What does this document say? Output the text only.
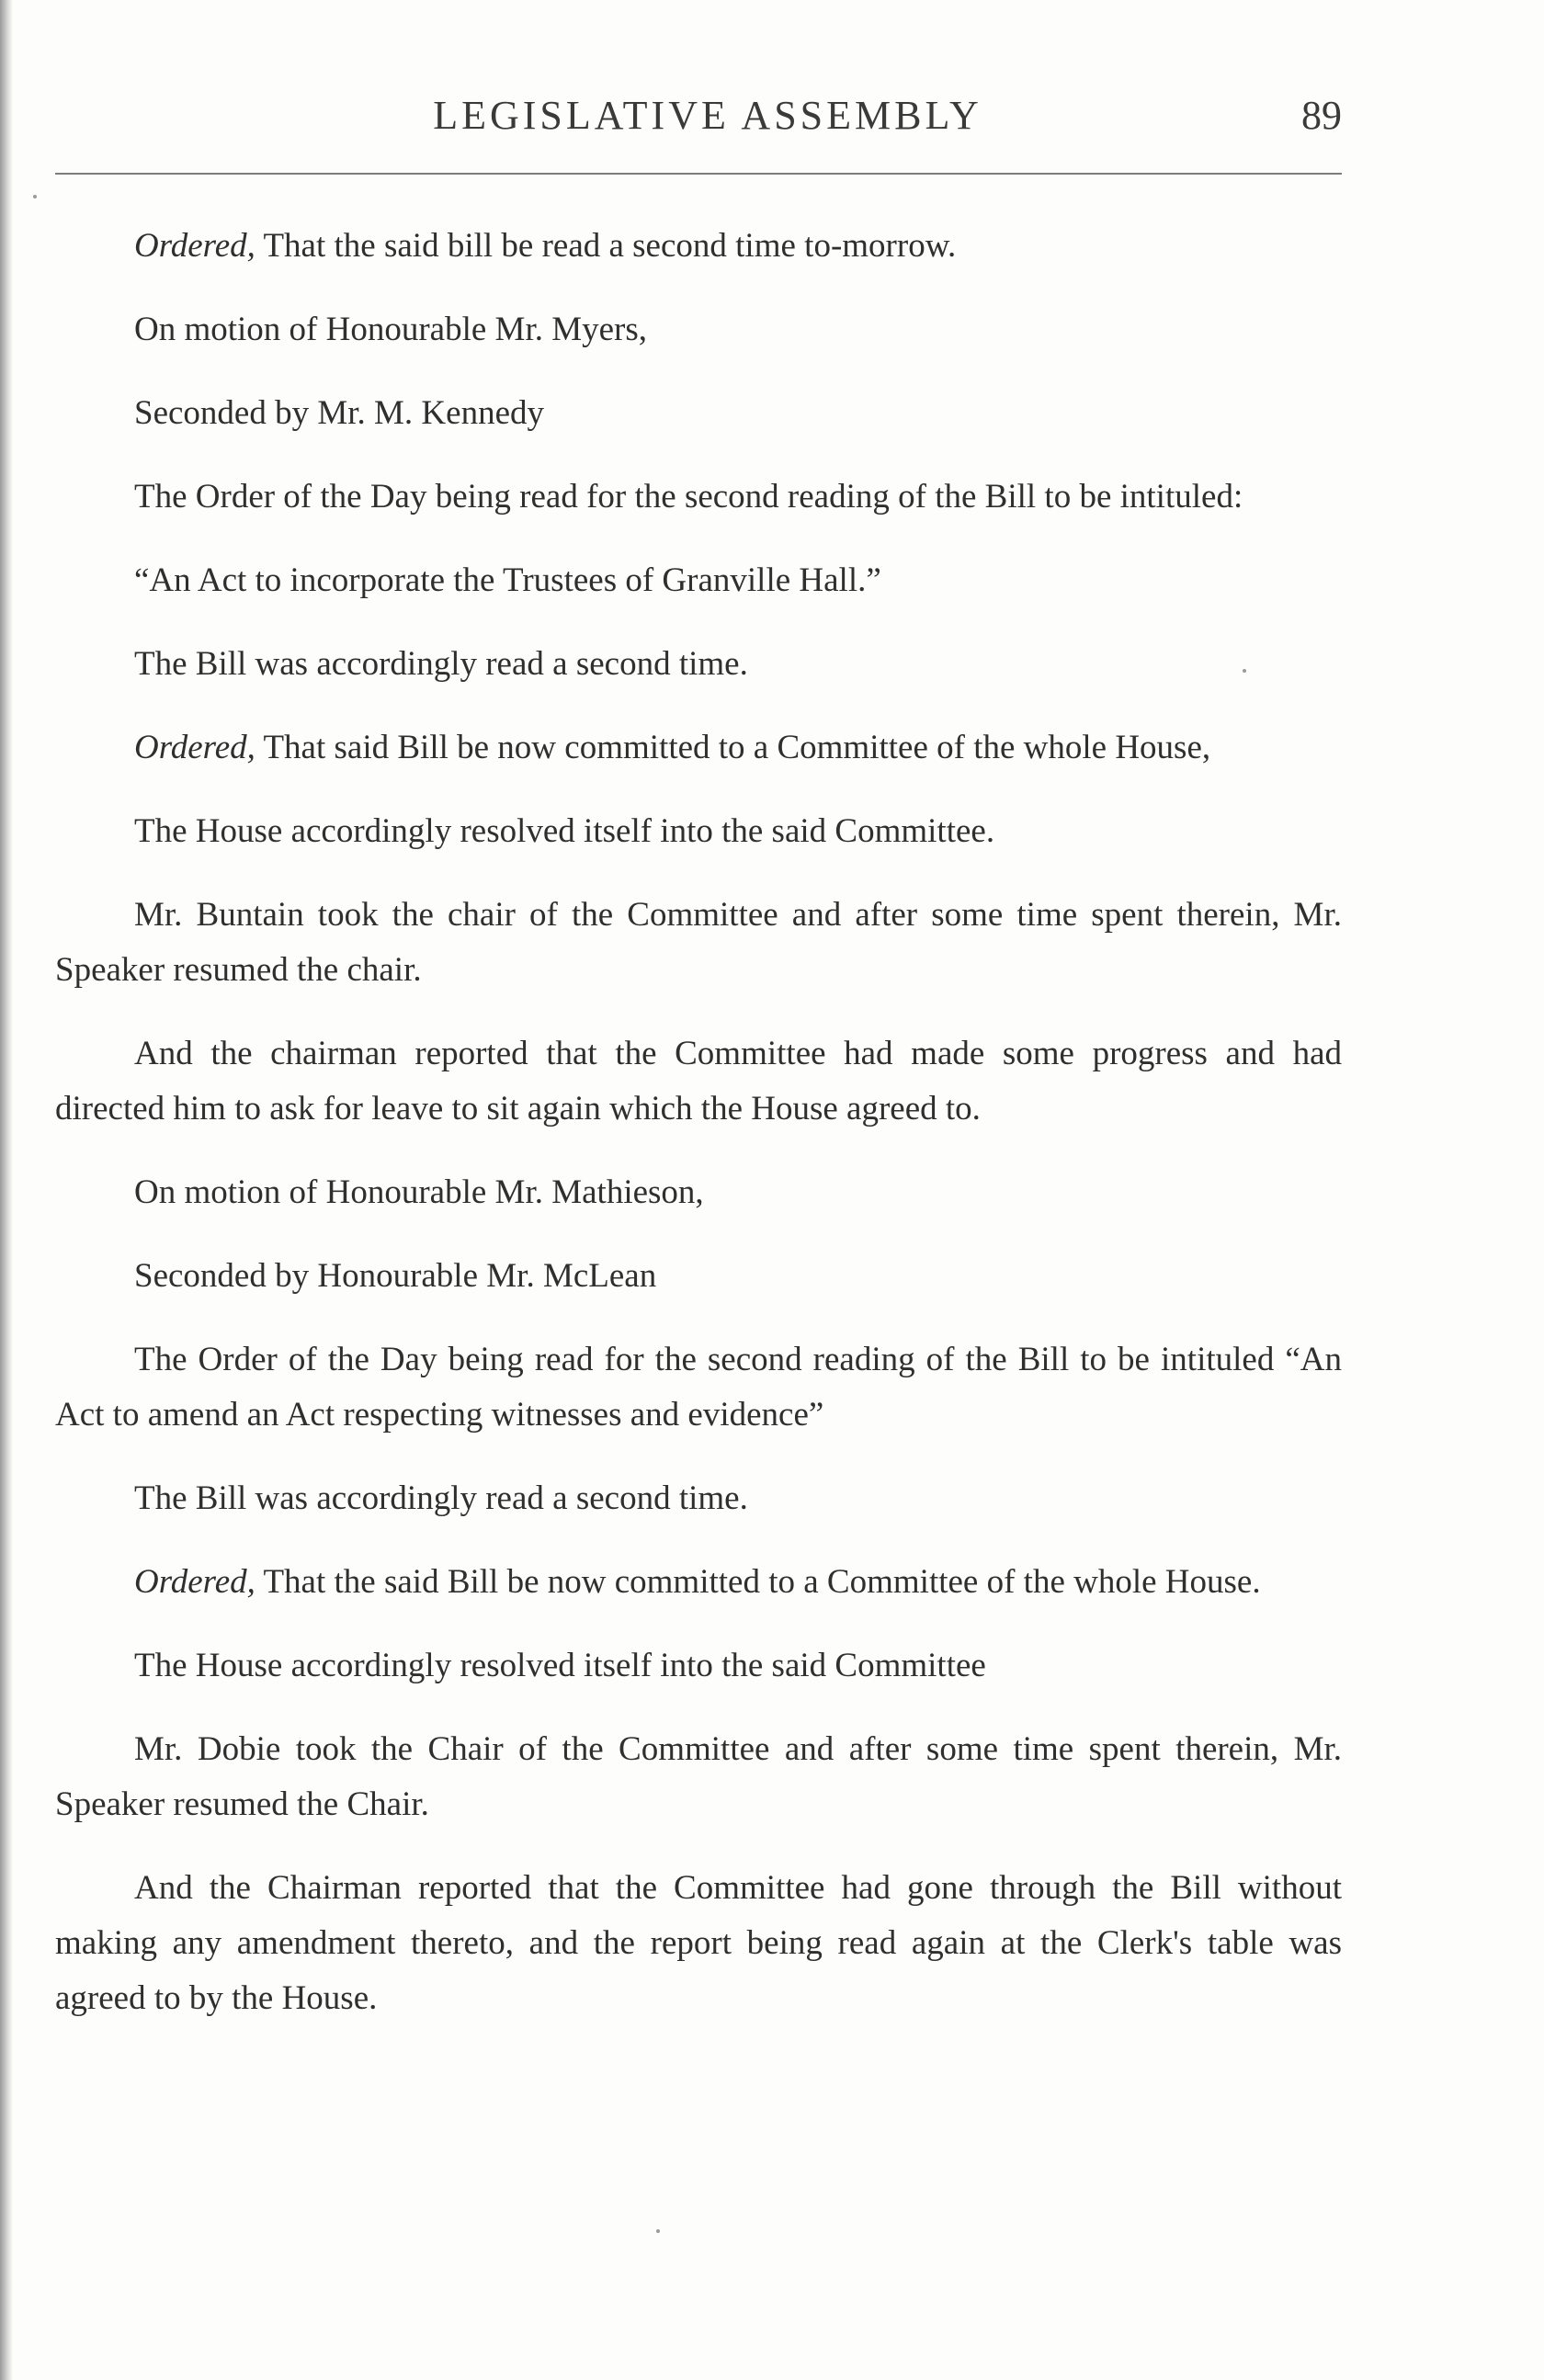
LEGISLATIVE ASSEMBLY	89

Ordered, That the said bill be read a second time to-morrow.

On motion of Honourable Mr. Myers,

Seconded by Mr. M. Kennedy

The Order of the Day being read for the second reading of the Bill to be intituled:

“An Act to incorporate the Trustees of Granville Hall.”

The Bill was accordingly read a second time.

Ordered, That said Bill be now committed to a Committee of the whole House,

The House accordingly resolved itself into the said Committee.

Mr. Buntain took the chair of the Committee and after some time spent therein, Mr. Speaker resumed the chair.

And the chairman reported that the Committee had made some progress and had directed him to ask for leave to sit again which the House agreed to.

On motion of Honourable Mr. Mathieson,

Seconded by Honourable Mr. McLean

The Order of the Day being read for the second reading of the Bill to be intituled “An Act to amend an Act respecting witnesses and evidence”

The Bill was accordingly read a second time.

Ordered, That the said Bill be now committed to a Committee of the whole House.

The House accordingly resolved itself into the said Committee

Mr. Dobie took the Chair of the Committee and after some time spent therein, Mr. Speaker resumed the Chair.

And the Chairman reported that the Committee had gone through the Bill without making any amendment thereto, and the report being read again at the Clerk's table was agreed to by the House.
